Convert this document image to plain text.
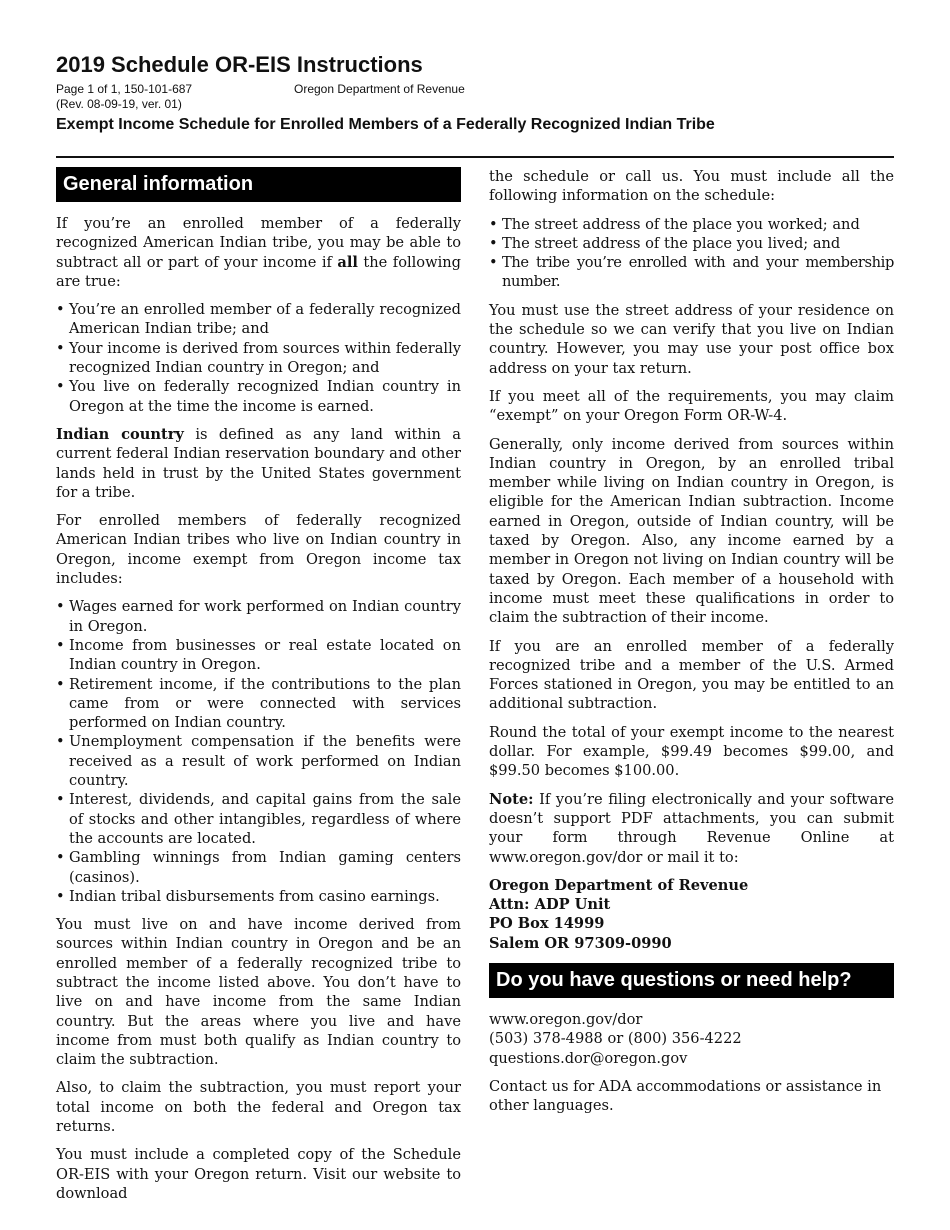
2019 Schedule OR-EIS Instructions
Page 1 of 1, 150-101-687
(Rev. 08-09-19, ver. 01)
Oregon Department of Revenue
Exempt Income Schedule for Enrolled Members of a Federally Recognized Indian Tribe
General information

If you’re an enrolled member of a federally recognized American Indian tribe, you may be able to subtract all or part of your income if all the following are true:

• You’re an enrolled member of a federally recognized American Indian tribe; and
• Your income is derived from sources within federally recognized Indian country in Oregon; and
• You live on federally recognized Indian country in Oregon at the time the income is earned.

Indian country is defined as any land within a current federal Indian reservation boundary and other lands held in trust by the United States government for a tribe.

For enrolled members of federally recognized American Indian tribes who live on Indian country in Oregon, income exempt from Oregon income tax includes:

• Wages earned for work performed on Indian country in Oregon.
• Income from businesses or real estate located on Indian country in Oregon.
• Retirement income, if the contributions to the plan came from or were connected with services performed on Indian country.
• Unemployment compensation if the benefits were received as a result of work performed on Indian country.
• Interest, dividends, and capital gains from the sale of stocks and other intangibles, regardless of where the accounts are located.
• Gambling winnings from Indian gaming centers (casinos).
• Indian tribal disbursements from casino earnings.

You must live on and have income derived from sources within Indian country in Oregon and be an enrolled member of a federally recognized tribe to subtract the income listed above. You don’t have to live on and have income from the same Indian country. But the areas where you live and have income from must both qualify as Indian country to claim the subtraction.

Also, to claim the subtraction, you must report your total income on both the federal and Oregon tax returns.

You must include a completed copy of the Schedule OR-EIS with your Oregon return. Visit our website to download

the schedule or call us. You must include all the following information on the schedule:

• The street address of the place you worked; and
• The street address of the place you lived; and
• The tribe you’re enrolled with and your membership number.

You must use the street address of your residence on the schedule so we can verify that you live on Indian country. However, you may use your post office box address on your tax return.

If you meet all of the requirements, you may claim “exempt” on your Oregon Form OR-W-4.

Generally, only income derived from sources within Indian country in Oregon, by an enrolled tribal member while living on Indian country in Oregon, is eligible for the American Indian subtraction. Income earned in Oregon, outside of Indian country, will be taxed by Oregon. Also, any income earned by a member in Oregon not living on Indian country will be taxed by Oregon. Each member of a household with income must meet these qualifications in order to claim the subtraction of their income.

If you are an enrolled member of a federally recognized tribe and a member of the U.S. Armed Forces stationed in Oregon, you may be entitled to an additional subtraction.

Round the total of your exempt income to the nearest dollar. For example, $99.49 becomes $99.00, and $99.50 becomes $100.00.

Note: If you’re filing electronically and your software doesn’t support PDF attachments, you can submit your form through Revenue Online at www.oregon.gov/dor or mail it to:

Oregon Department of Revenue
Attn: ADP Unit
PO Box 14999
Salem OR 97309-0990
Do you have questions or need help?
www.oregon.gov/dor
(503) 378-4988 or (800) 356-4222
questions.dor@oregon.gov

Contact us for ADA accommodations or assistance in other languages.
